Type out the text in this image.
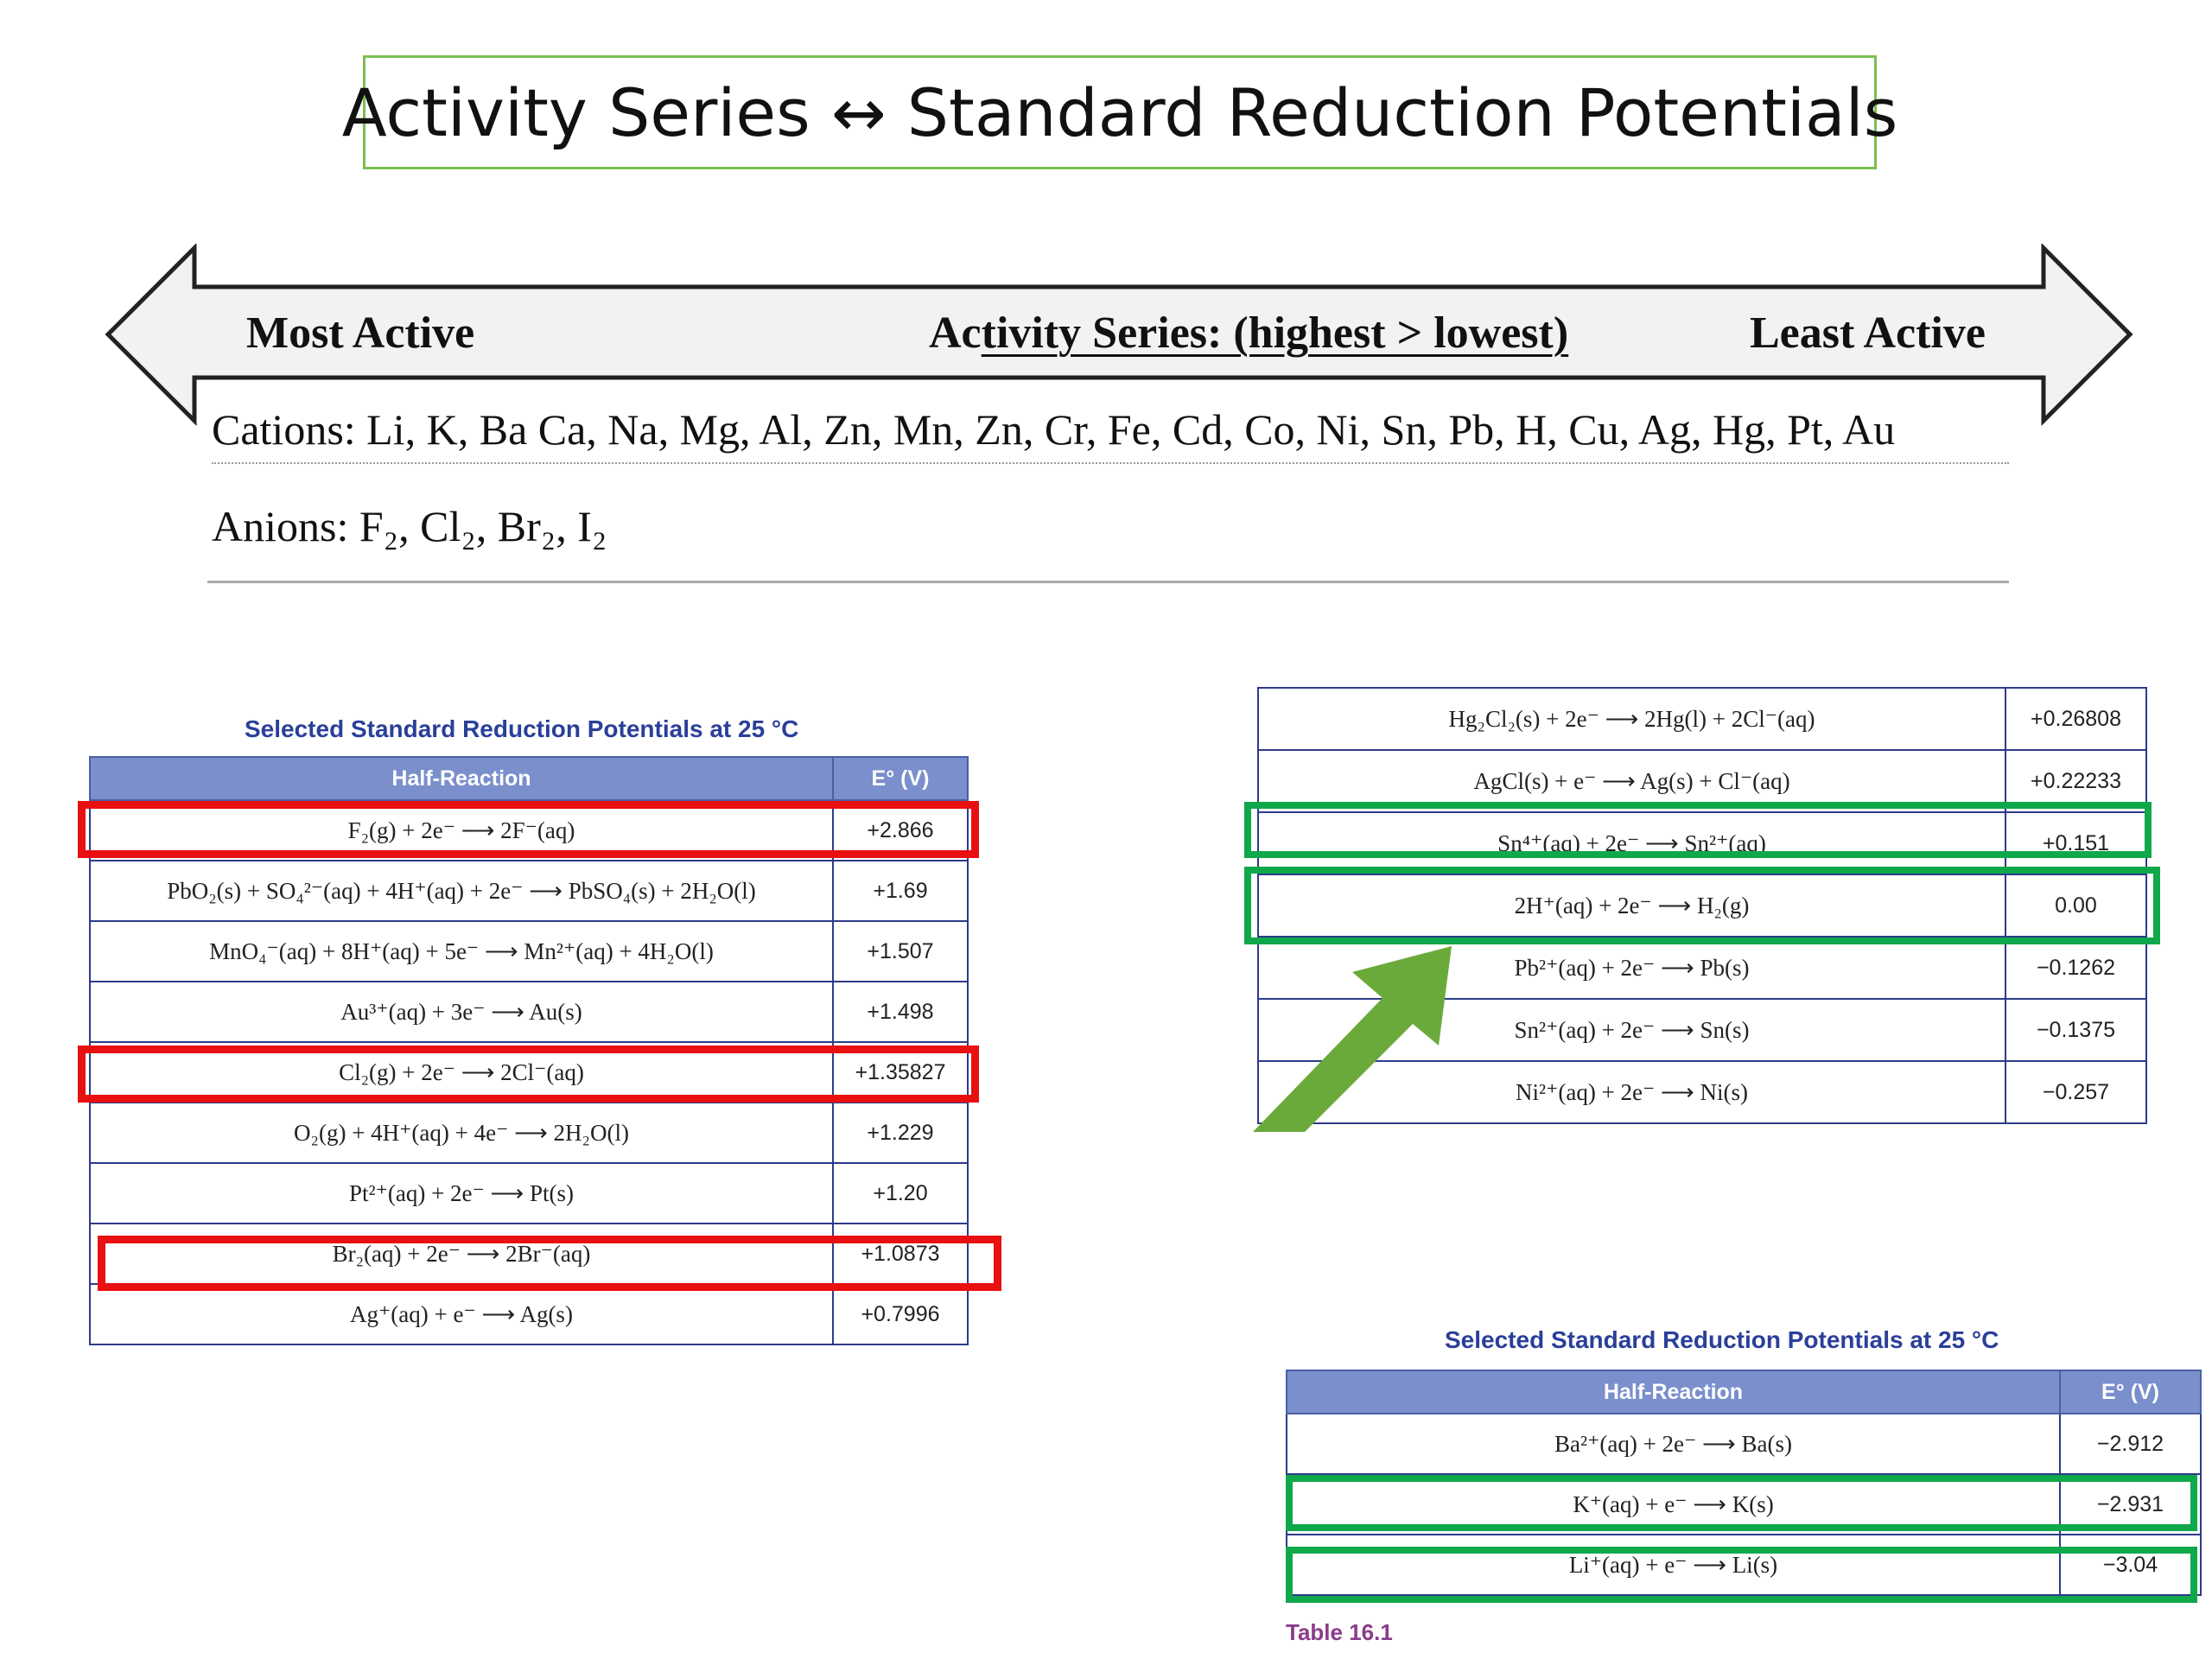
Activity Series ↔ Standard Reduction Potentials
Most Active	Activity Series: (highest > lowest)	Least Active
Cations: Li, K, Ba Ca, Na, Mg, Al, Zn, Mn, Zn, Cr, Fe, Cd, Co, Ni, Sn, Pb, H, Cu, Ag, Hg, Pt, Au
Anions: F₂, Cl₂, Br₂, I₂
Selected Standard Reduction Potentials at 25 °C
Half-Reaction	E° (V)
F₂(g) + 2e⁻ ⟶ 2F⁻(aq)	+2.866
PbO₂(s) + SO₄²⁻(aq) + 4H⁺(aq) + 2e⁻ ⟶ PbSO₄(s) + 2H₂O(l)	+1.69
MnO₄⁻(aq) + 8H⁺(aq) + 5e⁻ ⟶ Mn²⁺(aq) + 4H₂O(l)	+1.507
Au³⁺(aq) + 3e⁻ ⟶ Au(s)	+1.498
Cl₂(g) + 2e⁻ ⟶ 2Cl⁻(aq)	+1.35827
O₂(g) + 4H⁺(aq) + 4e⁻ ⟶ 2H₂O(l)	+1.229
Pt²⁺(aq) + 2e⁻ ⟶ Pt(s)	+1.20
Br₂(aq) + 2e⁻ ⟶ 2Br⁻(aq)	+1.0873
Ag⁺(aq) + e⁻ ⟶ Ag(s)	+0.7996
Hg₂Cl₂(s) + 2e⁻ ⟶ 2Hg(l) + 2Cl⁻(aq)	+0.26808
AgCl(s) + e⁻ ⟶ Ag(s) + Cl⁻(aq)	+0.22233
Sn⁴⁺(aq) + 2e⁻ ⟶ Sn²⁺(aq)	+0.151
2H⁺(aq) + 2e⁻ ⟶ H₂(g)	0.00
Pb²⁺(aq) + 2e⁻ ⟶ Pb(s)	−0.1262
Sn²⁺(aq) + 2e⁻ ⟶ Sn(s)	−0.1375
Ni²⁺(aq) + 2e⁻ ⟶ Ni(s)	−0.257
Selected Standard Reduction Potentials at 25 °C
Half-Reaction	E° (V)
Ba²⁺(aq) + 2e⁻ ⟶ Ba(s)	−2.912
K⁺(aq) + e⁻ ⟶ K(s)	−2.931
Li⁺(aq) + e⁻ ⟶ Li(s)	−3.04
Table 16.1
